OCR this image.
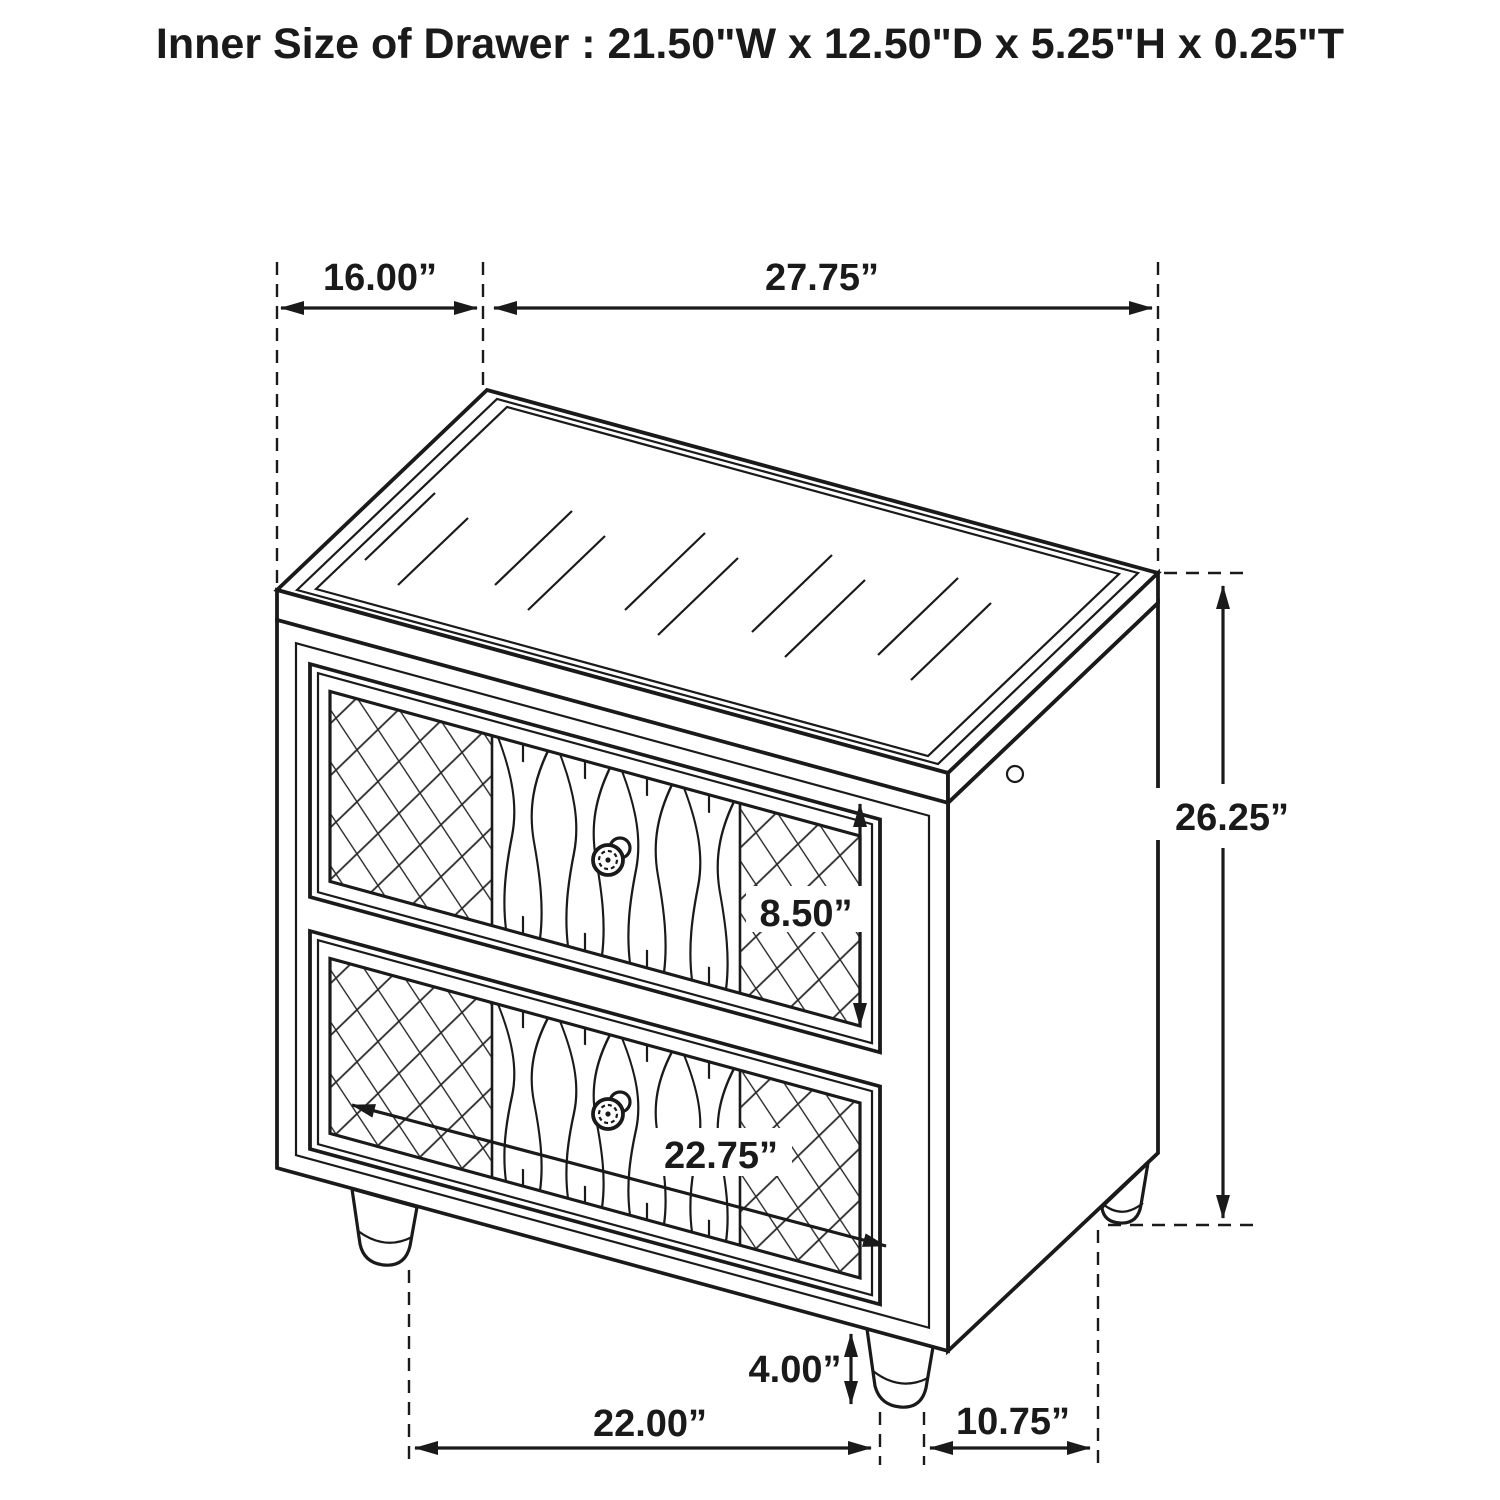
Inner Size of Drawer : 21.50"W x 12.50"D x 5.25"H x 0.25"T
16.00”	27.75”
26.25”
8.50”
22.75”
4.00”
22.00”	10.75”
